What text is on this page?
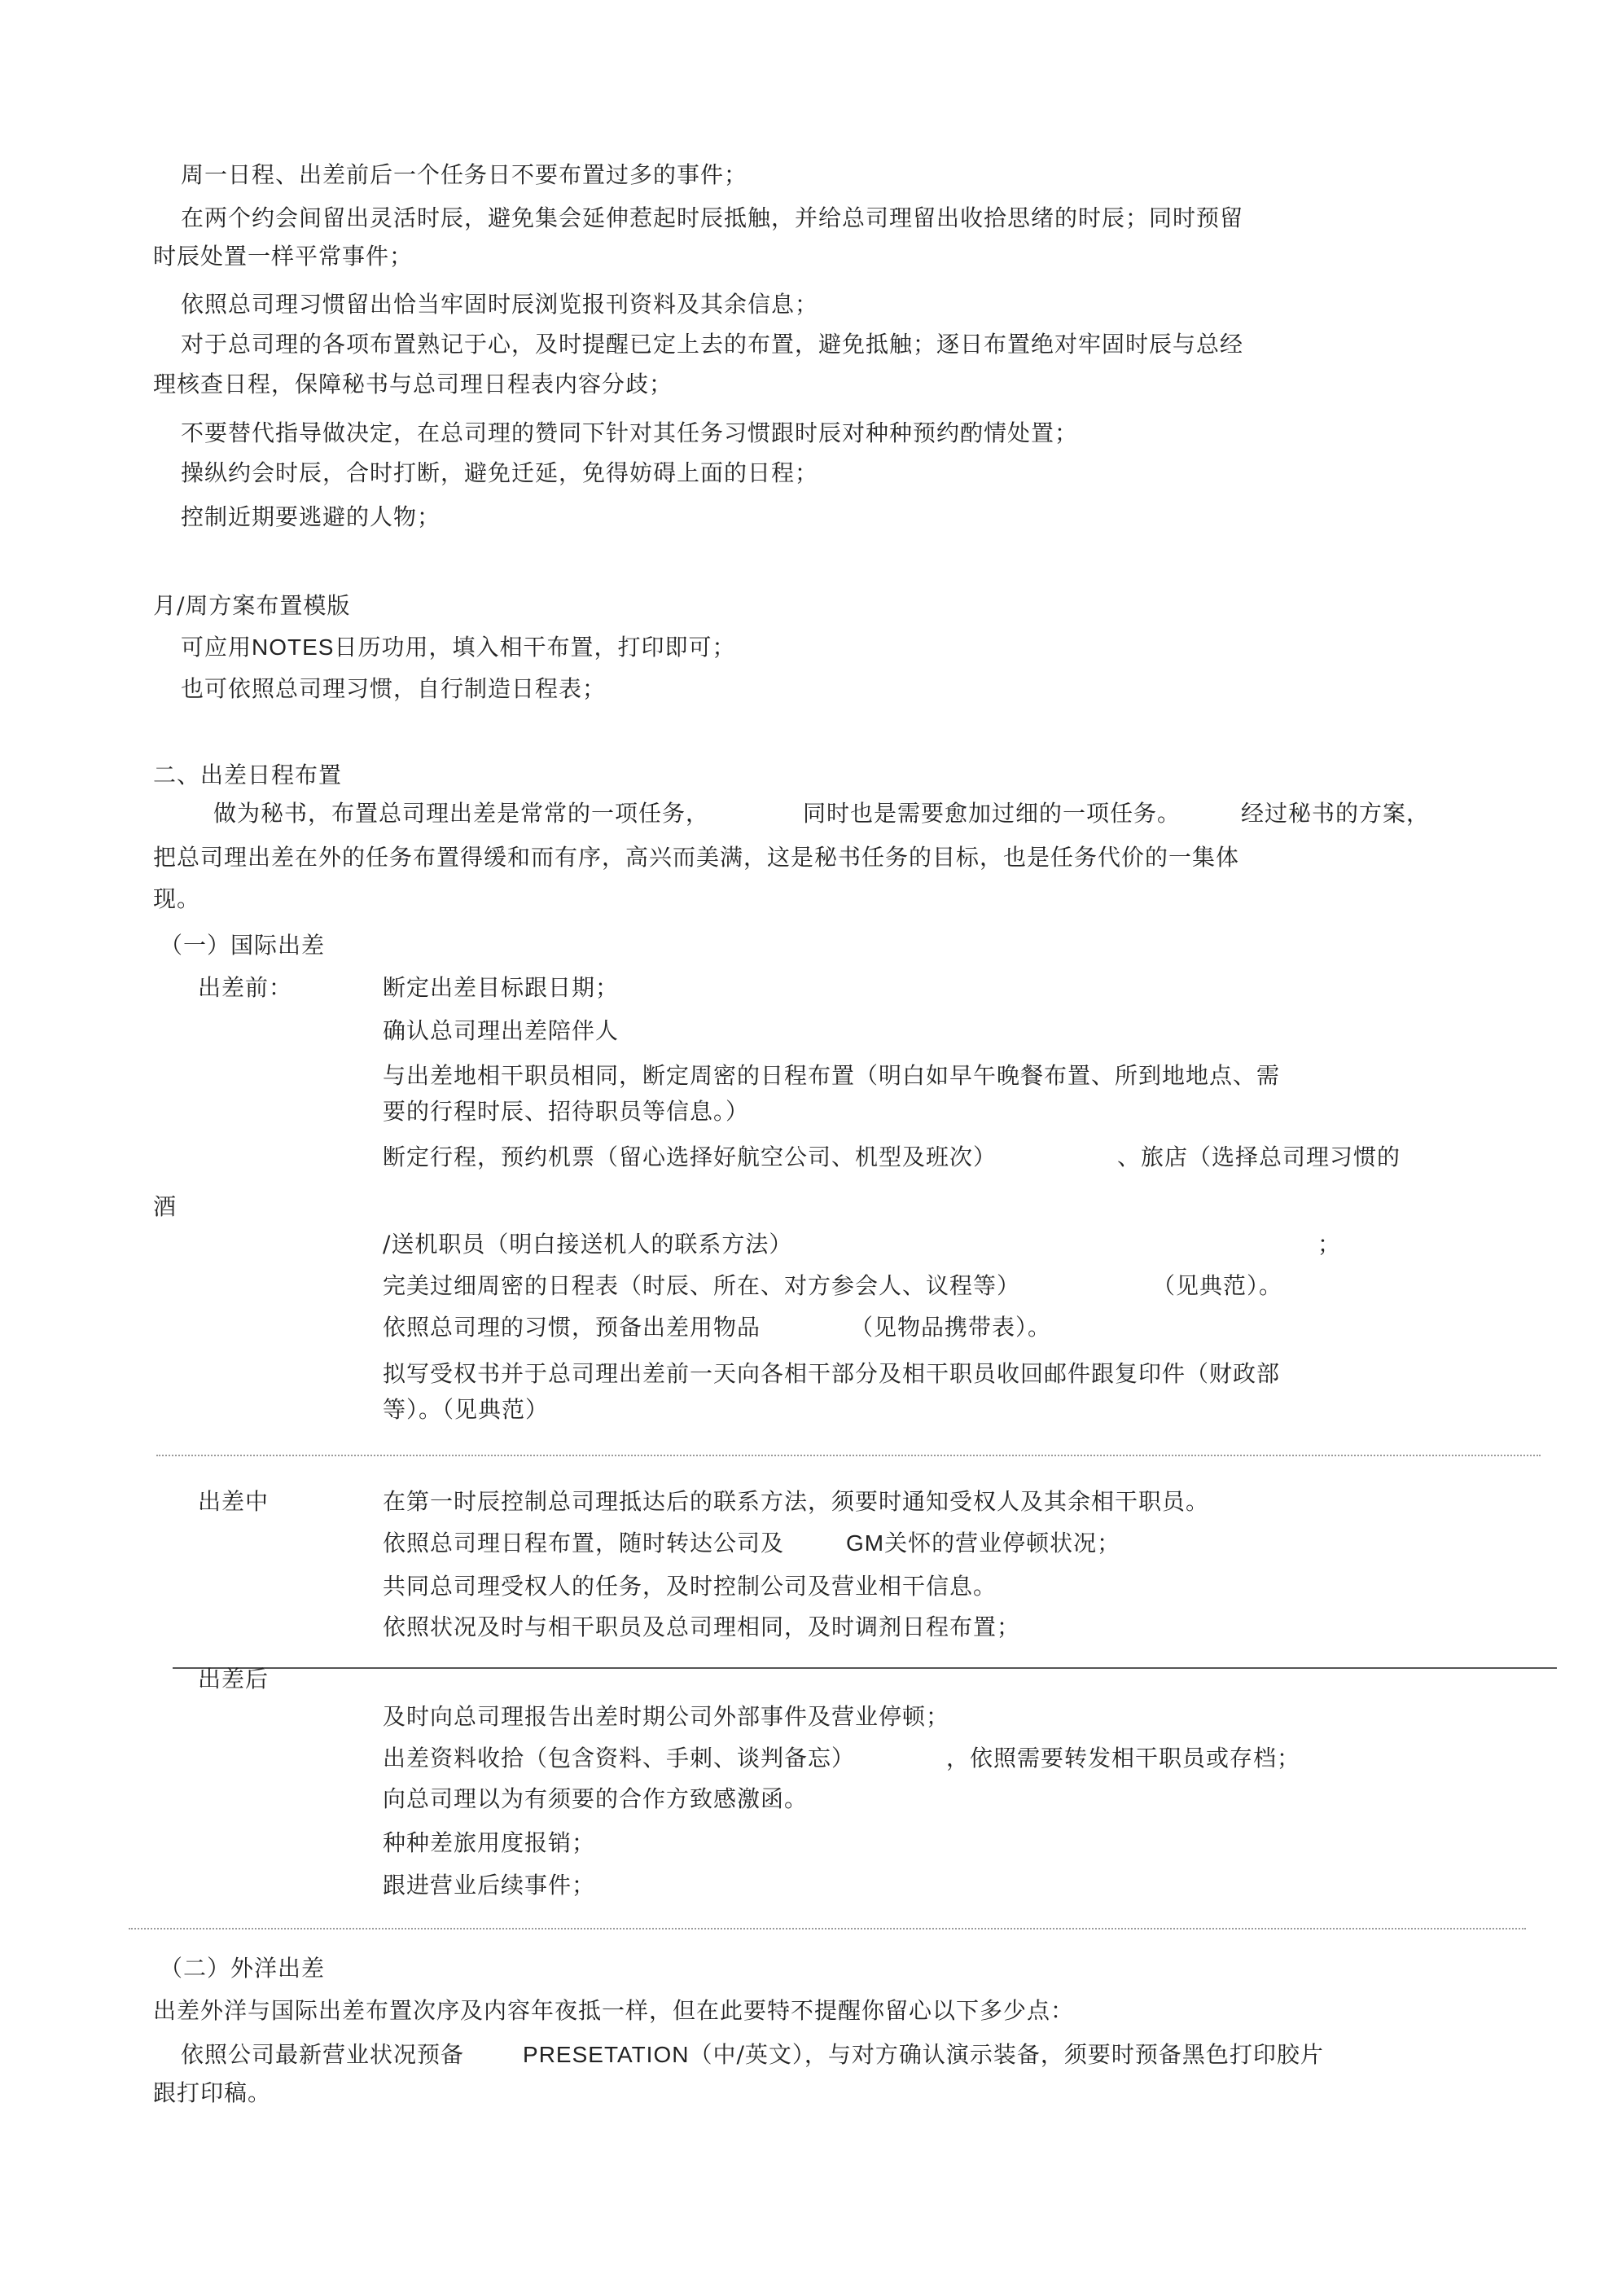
周一日程、出差前后一个任务日不要布置过多的事件；
在两个约会间留出灵活时辰，避免集会延伸惹起时辰抵触，并给总司理留出收拾思绪的时辰；同时预留
时辰处置一样平常事件；
依照总司理习惯留出恰当牢固时辰浏览报刊资料及其余信息；
对于总司理的各项布置熟记于心，及时提醒已定上去的布置，避免抵触；逐日布置绝对牢固时辰与总经
理核查日程，保障秘书与总司理日程表内容分歧；
不要替代指导做决定，在总司理的赞同下针对其任务习惯跟时辰对种种预约酌情处置；
操纵约会时辰，合时打断，避免迁延，免得妨碍上面的日程；
控制近期要逃避的人物；
月/周方案布置模版
可应用NOTES日历功用，填入相干布置，打印即可；
也可依照总司理习惯，自行制造日程表；
二、出差日程布置
做为秘书，布置总司理出差是常常的一项任务，	同时也是需要愈加过细的一项任务。	经过秘书的方案，
把总司理出差在外的任务布置得缓和而有序，高兴而美满，这是秘书任务的目标，也是任务代价的一集体
现。
（一）国际出差
出差前：	断定出差目标跟日期；
确认总司理出差陪伴人
与出差地相干职员相同，断定周密的日程布置（明白如早午晚餐布置、所到地地点、需
要的行程时辰、招待职员等信息。）
断定行程，预约机票（留心选择好航空公司、机型及班次）	、旅店（选择总司理习惯的
酒
/送机职员（明白接送机人的联系方法）	；
完美过细周密的日程表（时辰、所在、对方参会人、议程等）	（见典范）。
依照总司理的习惯，预备出差用物品	（见物品携带表）。
拟写受权书并于总司理出差前一天向各相干部分及相干职员收回邮件跟复印件（财政部
等）。（见典范）
出差中	在第一时辰控制总司理抵达后的联系方法，须要时通知受权人及其余相干职员。
依照总司理日程布置，随时转达公司及	GM关怀的营业停顿状况；
共同总司理受权人的任务，及时控制公司及营业相干信息。
依照状况及时与相干职员及总司理相同，及时调剂日程布置；
出差后
及时向总司理报告出差时期公司外部事件及营业停顿；
出差资料收拾（包含资料、手刺、谈判备忘）	，依照需要转发相干职员或存档；
向总司理以为有须要的合作方致感激函。
种种差旅用度报销；
跟进营业后续事件；
（二）外洋出差
出差外洋与国际出差布置次序及内容年夜抵一样，但在此要特不提醒你留心以下多少点：
依照公司最新营业状况预备	PRESETATION（中/英文），与对方确认演示装备，须要时预备黑色打印胶片
跟打印稿。
